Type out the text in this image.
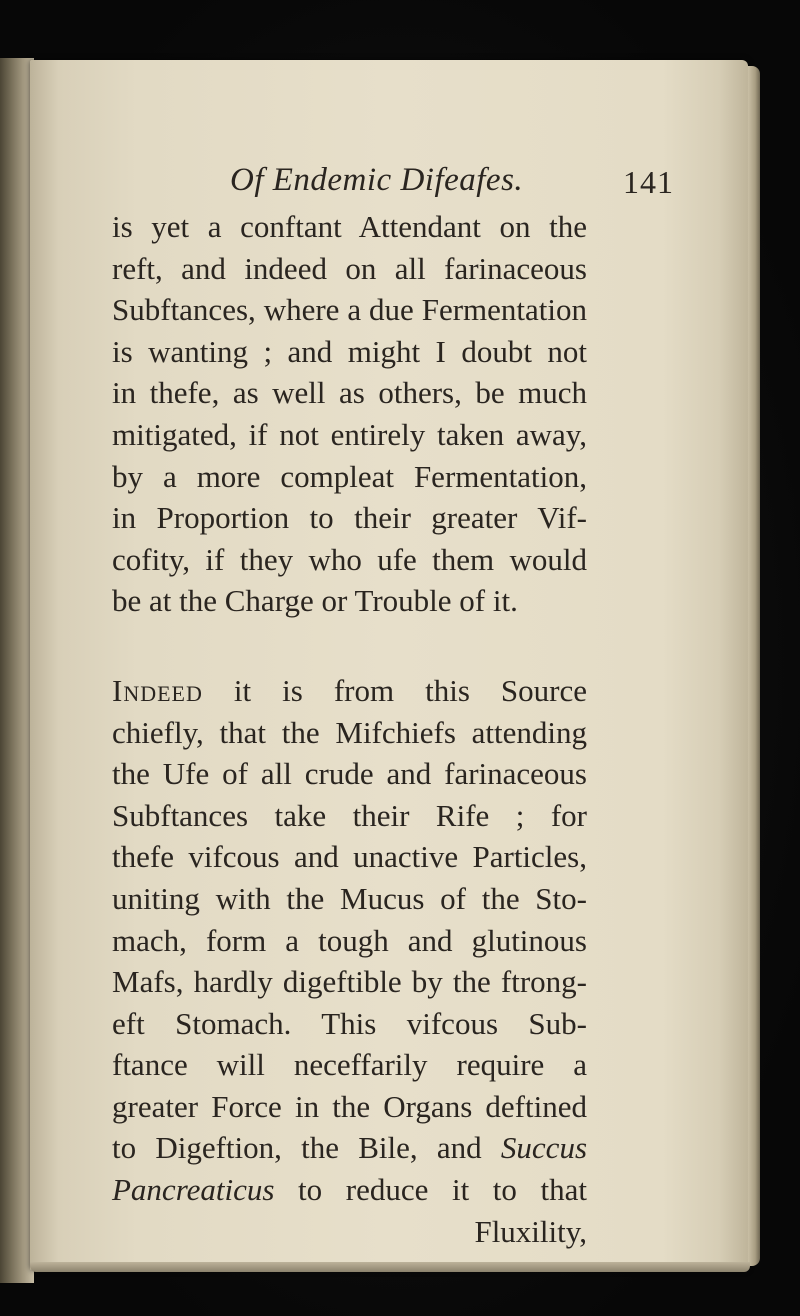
Of Endemic Difeafes.	141

is yet a conftant Attendant on the
reft, and indeed on all farinaceous
Subftances, where a due Fermentation
is wanting ; and might I doubt not
in thefe, as well as others, be much
mitigated, if not entirely taken away,
by a more compleat Fermentation,
in Proportion to their greater Vif-
cofity, if they who ufe them would
be at the Charge or Trouble of it.

Indeed it is from this Source
chiefly, that the Mifchiefs attending
the Ufe of all crude and farinaceous
Subftances take their Rife ; for
thefe vifcous and unactive Particles,
uniting with the Mucus of the Sto-
mach, form a tough and glutinous
Mafs, hardly digeftible by the ftrong-
eft Stomach. This vifcous Sub-
ftance will neceffarily require a
greater Force in the Organs deftined
to Digeftion, the Bile, and Succus
Pancreaticus to reduce it to that
Fluxility,
